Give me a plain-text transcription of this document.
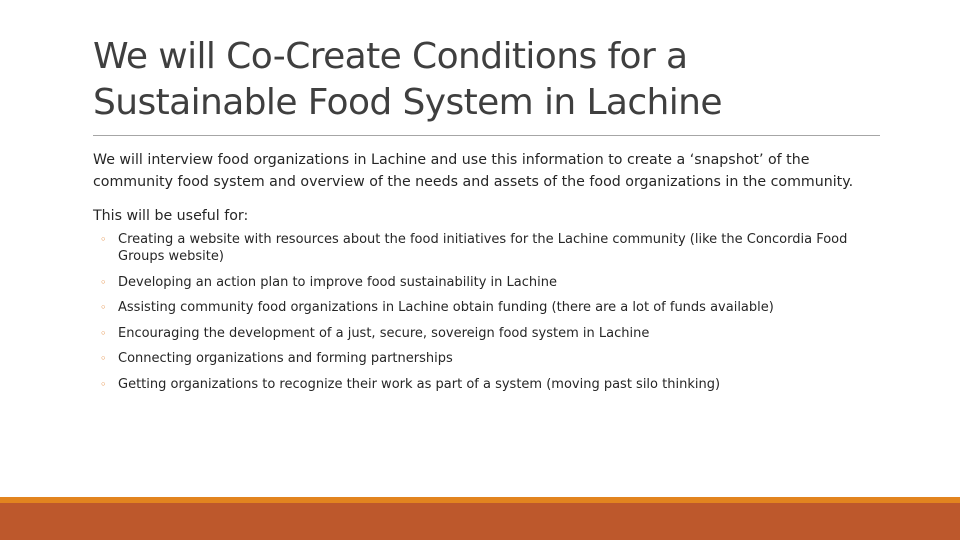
We will Co-Create Conditions for a
Sustainable Food System in Lachine

We will interview food organizations in Lachine and use this information to create a ‘snapshot’ of the community food system and overview of the needs and assets of the food organizations in the community.

This will be useful for:

◦ Creating a website with resources about the food initiatives for the Lachine community (like the Concordia Food Groups website)
◦ Developing an action plan to improve food sustainability in Lachine
◦ Assisting community food organizations in Lachine obtain funding (there are a lot of funds available)
◦ Encouraging the development of a just, secure, sovereign food system in Lachine
◦ Connecting organizations and forming partnerships
◦ Getting organizations to recognize their work as part of a system (moving past silo thinking)
